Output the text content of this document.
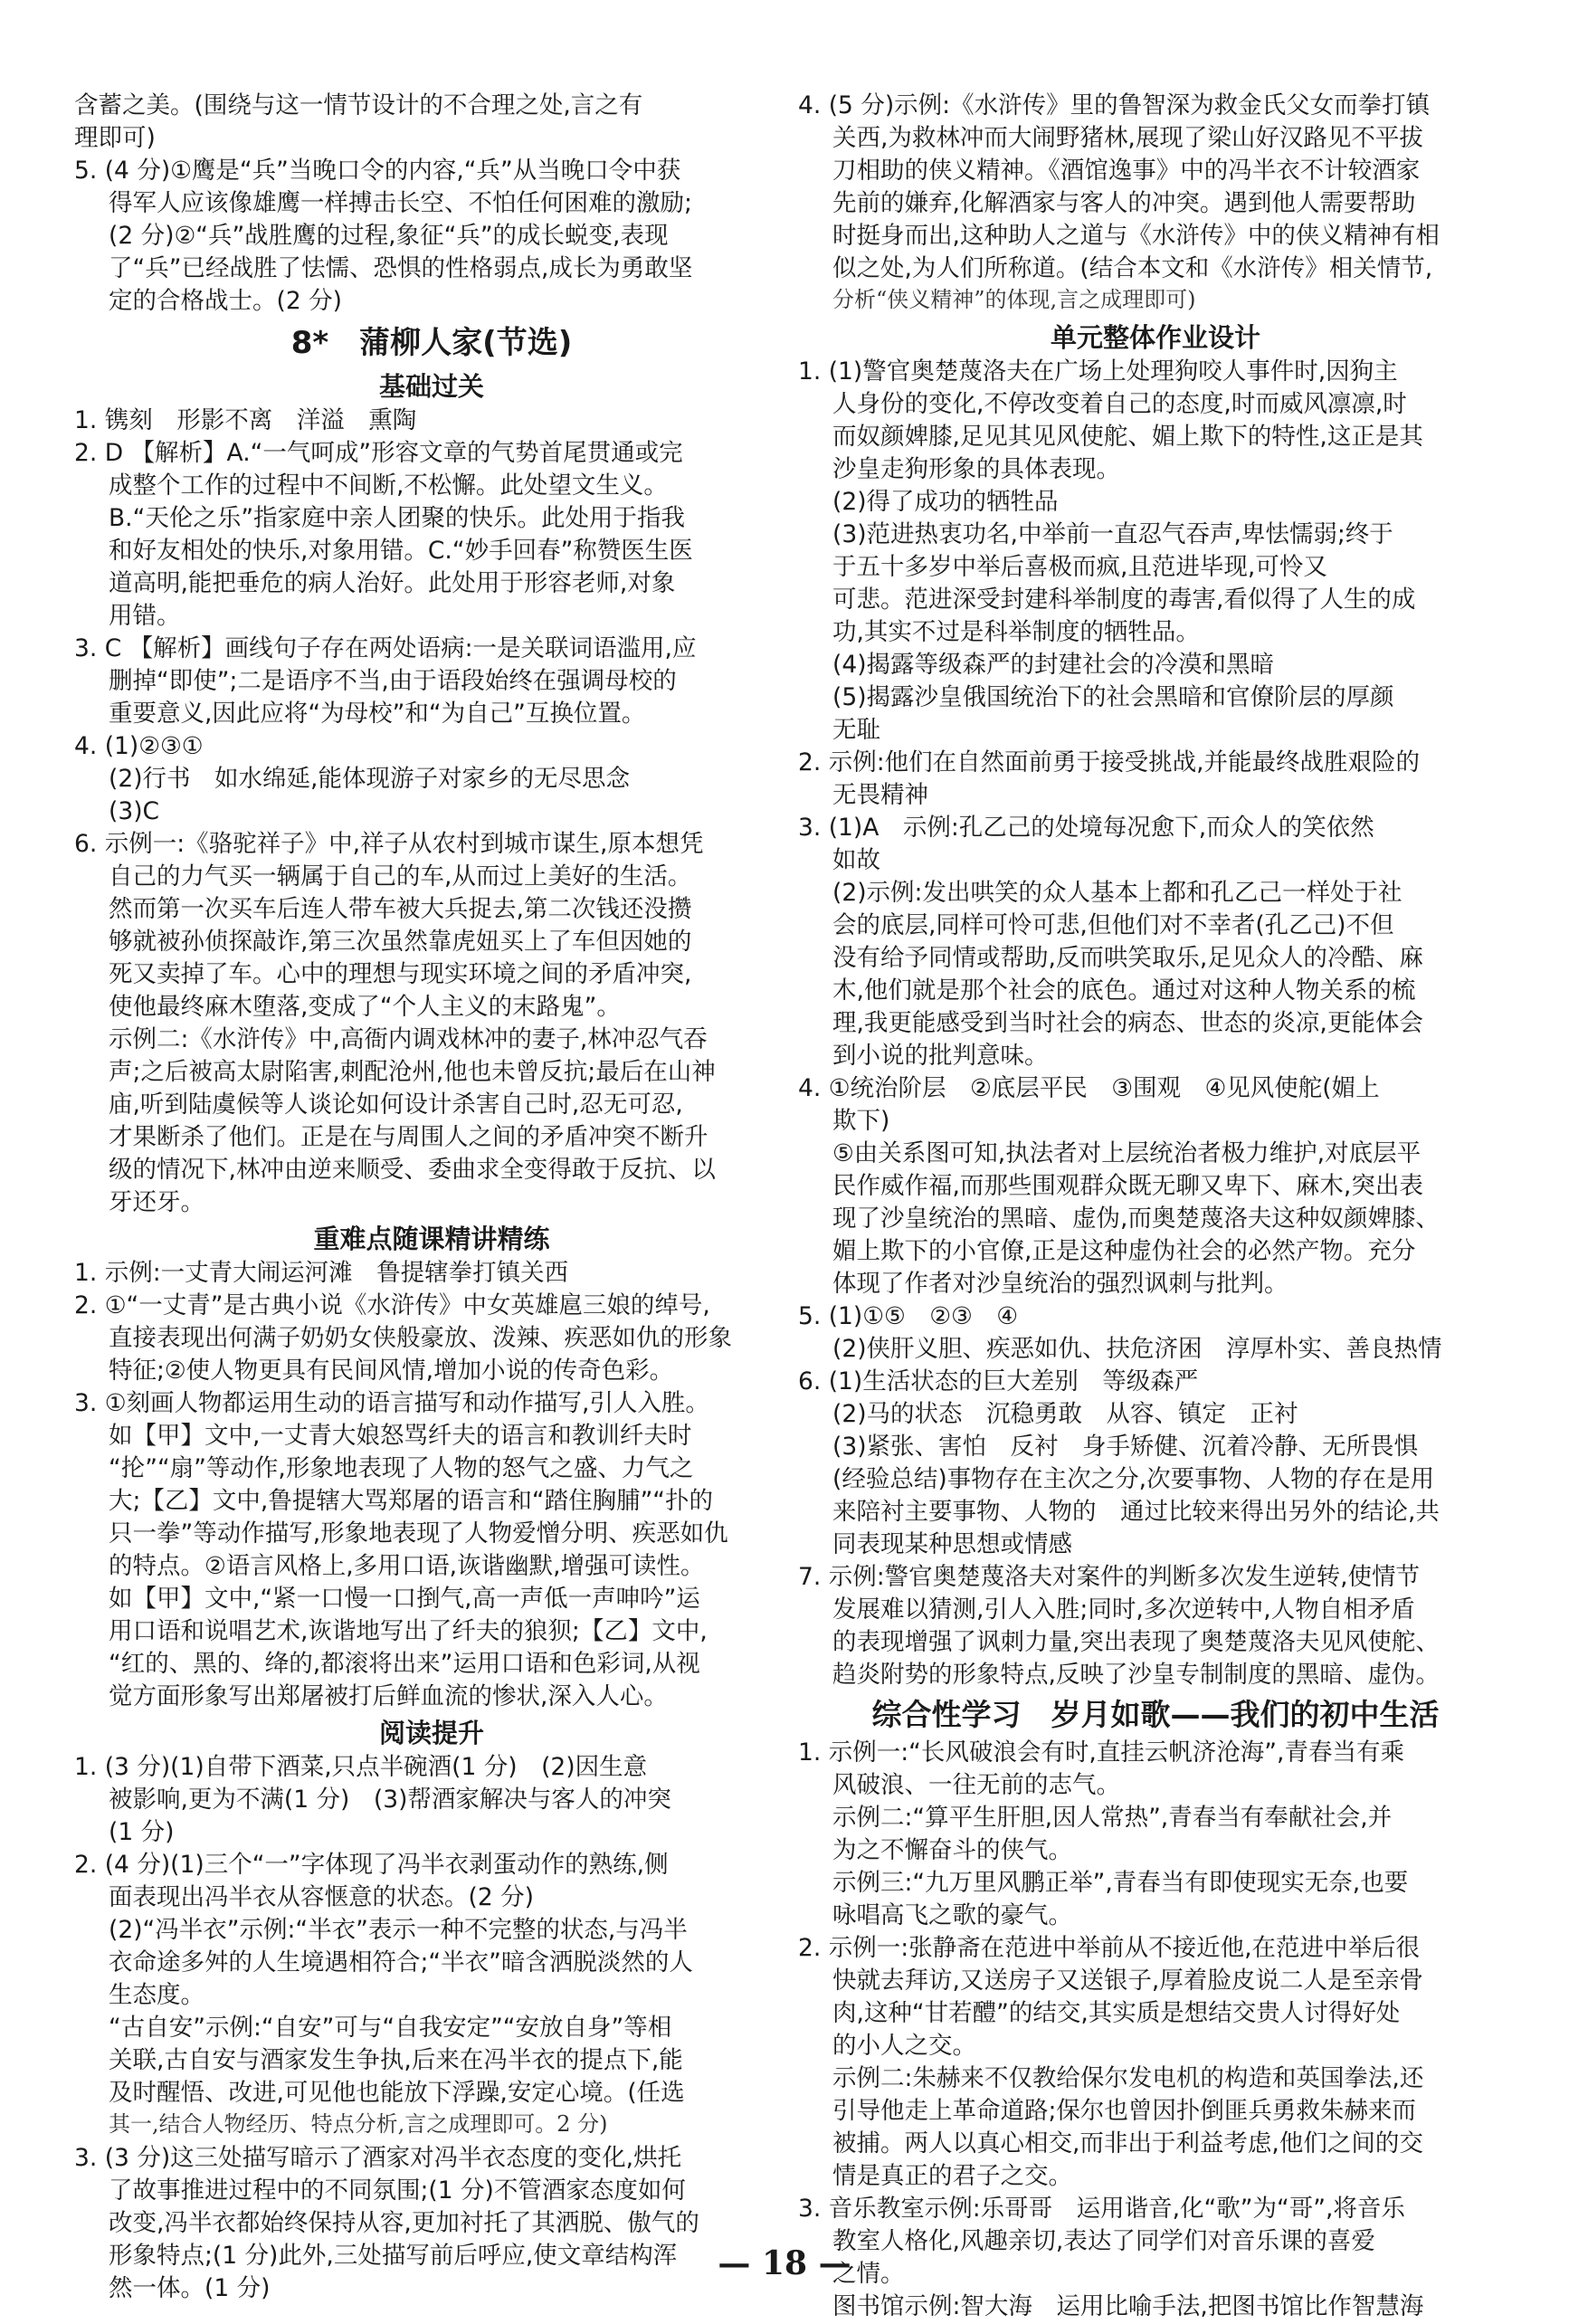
含蓄之美。(围绕与这一情节设计的不合理之处,言之有
理即可)
5. (4 分)①鹰是“兵”当晚口令的内容,“兵”从当晚口令中获
得军人应该像雄鹰一样搏击长空、不怕任何困难的激励;
(2 分)②“兵”战胜鹰的过程,象征“兵”的成长蜕变,表现
了“兵”已经战胜了怯懦、恐惧的性格弱点,成长为勇敢坚
定的合格战士。(2 分)
8*　蒲柳人家(节选)
基础过关
1. 镌刻　形影不离　洋溢　熏陶
2. D 【解析】A.“一气呵成”形容文章的气势首尾贯通或完
成整个工作的过程中不间断,不松懈。此处望文生义。
B.“天伦之乐”指家庭中亲人团聚的快乐。此处用于指我
和好友相处的快乐,对象用错。C.“妙手回春”称赞医生医
道高明,能把垂危的病人治好。此处用于形容老师,对象
用错。
3. C 【解析】画线句子存在两处语病:一是关联词语滥用,应
删掉“即使”;二是语序不当,由于语段始终在强调母校的
重要意义,因此应将“为母校”和“为自己”互换位置。
4. (1)②③①
(2)行书　如水绵延,能体现游子对家乡的无尽思念
(3)C
6. 示例一:《骆驼祥子》中,祥子从农村到城市谋生,原本想凭
自己的力气买一辆属于自己的车,从而过上美好的生活。
然而第一次买车后连人带车被大兵捉去,第二次钱还没攒
够就被孙侦探敲诈,第三次虽然靠虎妞买上了车但因她的
死又卖掉了车。心中的理想与现实环境之间的矛盾冲突,
使他最终麻木堕落,变成了“个人主义的末路鬼”。
示例二:《水浒传》中,高衙内调戏林冲的妻子,林冲忍气吞
声;之后被高太尉陷害,刺配沧州,他也未曾反抗;最后在山神
庙,听到陆虞候等人谈论如何设计杀害自己时,忍无可忍,
才果断杀了他们。正是在与周围人之间的矛盾冲突不断升
级的情况下,林冲由逆来顺受、委曲求全变得敢于反抗、以
牙还牙。
重难点随课精讲精练
1. 示例:一丈青大闹运河滩　鲁提辖拳打镇关西
2. ①“一丈青”是古典小说《水浒传》中女英雄扈三娘的绰号,
直接表现出何满子奶奶女侠般豪放、泼辣、疾恶如仇的形象
特征;②使人物更具有民间风情,增加小说的传奇色彩。
3. ①刻画人物都运用生动的语言描写和动作描写,引人入胜。
如【甲】文中,一丈青大娘怒骂纤夫的语言和教训纤夫时
“抡”“扇”等动作,形象地表现了人物的怒气之盛、力气之
大;【乙】文中,鲁提辖大骂郑屠的语言和“踏住胸脯”“扑的
只一拳”等动作描写,形象地表现了人物爱憎分明、疾恶如仇
的特点。②语言风格上,多用口语,诙谐幽默,增强可读性。
如【甲】文中,“紧一口慢一口捯气,高一声低一声呻吟”运
用口语和说唱艺术,诙谐地写出了纤夫的狼狈;【乙】文中,
“红的、黑的、绛的,都滚将出来”运用口语和色彩词,从视
觉方面形象写出郑屠被打后鲜血流的惨状,深入人心。
阅读提升
1. (3 分)(1)自带下酒菜,只点半碗酒(1 分)　(2)因生意
被影响,更为不满(1 分)　(3)帮酒家解决与客人的冲突
(1 分)
2. (4 分)(1)三个“一”字体现了冯半衣剥蛋动作的熟练,侧
面表现出冯半衣从容惬意的状态。(2 分)
(2)“冯半衣”示例:“半衣”表示一种不完整的状态,与冯半
衣命途多舛的人生境遇相符合;“半衣”暗含洒脱淡然的人
生态度。
“古自安”示例:“自安”可与“自我安定”“安放自身”等相
关联,古自安与酒家发生争执,后来在冯半衣的提点下,能
及时醒悟、改进,可见他也能放下浮躁,安定心境。(任选
其一,结合人物经历、特点分析,言之成理即可。2 分)
3. (3 分)这三处描写暗示了酒家对冯半衣态度的变化,烘托
了故事推进过程中的不同氛围;(1 分)不管酒家态度如何
改变,冯半衣都始终保持从容,更加衬托了其洒脱、傲气的
形象特点;(1 分)此外,三处描写前后呼应,使文章结构浑
然一体。(1 分)
4. (5 分)示例:《水浒传》里的鲁智深为救金氏父女而拳打镇
关西,为救林冲而大闹野猪林,展现了梁山好汉路见不平拔
刀相助的侠义精神。《酒馆逸事》中的冯半衣不计较酒家
先前的嫌弃,化解酒家与客人的冲突。遇到他人需要帮助
时挺身而出,这种助人之道与《水浒传》中的侠义精神有相
似之处,为人们所称道。(结合本文和《水浒传》相关情节,
分析“侠义精神”的体现,言之成理即可)
单元整体作业设计
1. (1)警官奥楚蔑洛夫在广场上处理狗咬人事件时,因狗主
人身份的变化,不停改变着自己的态度,时而威风凛凛,时
而奴颜婢膝,足见其见风使舵、媚上欺下的特性,这正是其
沙皇走狗形象的具体表现。
(2)得了成功的牺牲品
(3)范进热衷功名,中举前一直忍气吞声,卑怯懦弱;终于
于五十多岁中举后喜极而疯,且范进毕现,可怜又
可悲。范进深受封建科举制度的毒害,看似得了人生的成
功,其实不过是科举制度的牺牲品。
(4)揭露等级森严的封建社会的冷漠和黑暗
(5)揭露沙皇俄国统治下的社会黑暗和官僚阶层的厚颜
无耻
2. 示例:他们在自然面前勇于接受挑战,并能最终战胜艰险的
无畏精神
3. (1)A　示例:孔乙己的处境每况愈下,而众人的笑依然
如故
(2)示例:发出哄笑的众人基本上都和孔乙己一样处于社
会的底层,同样可怜可悲,但他们对不幸者(孔乙己)不但
没有给予同情或帮助,反而哄笑取乐,足见众人的冷酷、麻
木,他们就是那个社会的底色。通过对这种人物关系的梳
理,我更能感受到当时社会的病态、世态的炎凉,更能体会
到小说的批判意味。
4. ①统治阶层　②底层平民　③围观　④见风使舵(媚上
欺下)
⑤由关系图可知,执法者对上层统治者极力维护,对底层平
民作威作福,而那些围观群众既无聊又卑下、麻木,突出表
现了沙皇统治的黑暗、虚伪,而奥楚蔑洛夫这种奴颜婢膝、
媚上欺下的小官僚,正是这种虚伪社会的必然产物。充分
体现了作者对沙皇统治的强烈讽刺与批判。
5. (1)①⑤　②③　④
(2)侠肝义胆、疾恶如仇、扶危济困　淳厚朴实、善良热情
6. (1)生活状态的巨大差别　等级森严
(2)马的状态　沉稳勇敢　从容、镇定　正衬
(3)紧张、害怕　反衬　身手矫健、沉着冷静、无所畏惧
(经验总结)事物存在主次之分,次要事物、人物的存在是用
来陪衬主要事物、人物的　通过比较来得出另外的结论,共
同表现某种思想或情感
7. 示例:警官奥楚蔑洛夫对案件的判断多次发生逆转,使情节
发展难以猜测,引人入胜;同时,多次逆转中,人物自相矛盾
的表现增强了讽刺力量,突出表现了奥楚蔑洛夫见风使舵、
趋炎附势的形象特点,反映了沙皇专制制度的黑暗、虚伪。
综合性学习　岁月如歌——我们的初中生活
1. 示例一:“长风破浪会有时,直挂云帆济沧海”,青春当有乘
风破浪、一往无前的志气。
示例二:“算平生肝胆,因人常热”,青春当有奉献社会,并
为之不懈奋斗的侠气。
示例三:“九万里风鹏正举”,青春当有即使现实无奈,也要
咏唱高飞之歌的豪气。
2. 示例一:张静斋在范进中举前从不接近他,在范进中举后很
快就去拜访,又送房子又送银子,厚着脸皮说二人是至亲骨
肉,这种“甘若醴”的结交,其实质是想结交贵人讨得好处
的小人之交。
示例二:朱赫来不仅教给保尔发电机的构造和英国拳法,还
引导他走上革命道路;保尔也曾因扑倒匪兵勇救朱赫来而
被捕。两人以真心相交,而非出于利益考虑,他们之间的交
情是真正的君子之交。
3. 音乐教室示例:乐哥哥　运用谐音,化“歌”为“哥”,将音乐
教室人格化,风趣亲切,表达了同学们对音乐课的喜爱
之情。
图书馆示例:智大海　运用比喻手法,把图书馆比作智慧海
— 18 —
